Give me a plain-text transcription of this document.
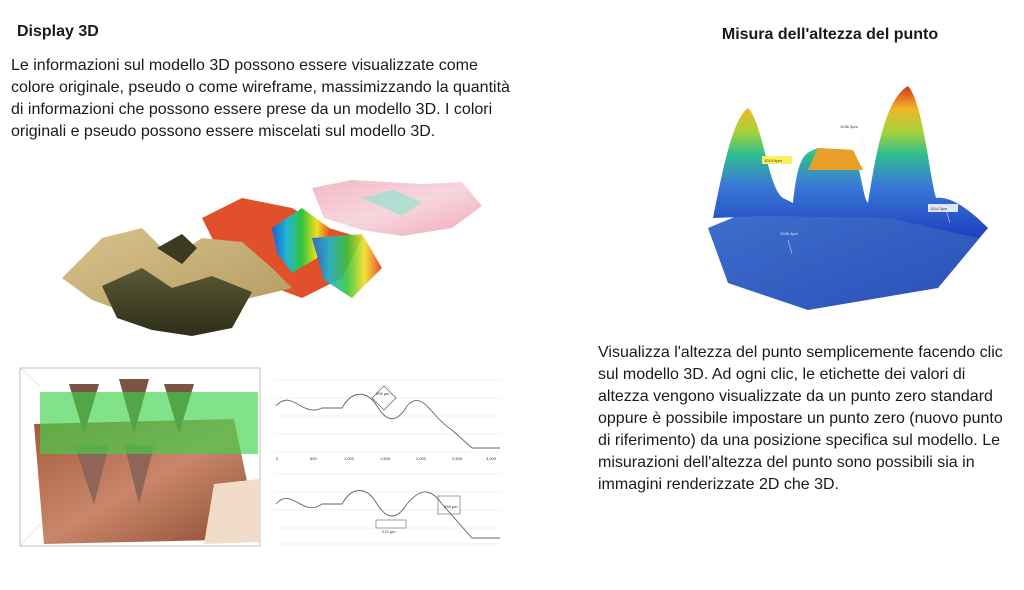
Display 3D
Le informazioni sul modello 3D possono essere visualizzate come colore originale, pseudo o come wireframe, massimizzando la quantità di informazioni che possono essere prese da un modello 3D. I colori originali e pseudo possono essere miscelati sul modello 3D.
Misura dell'altezza del punto
Visualizza l'altezza del punto semplicemente facendo clic sul modello 3D. Ad ogni clic, le etichette dei valori di altezza vengono visualizzate da un punto zero standard oppure è possibile impostare un punto zero (nuovo punto di riferimento) da una posizione specifica sul modello. Le misurazioni dell'altezza del punto sono possibili sia in immagini renderizzate 2D che 3D.
255 µm
0	500	1,000	1,500	2,000	2,500	3,000
270 µm
338 µm
1036.3µm
1019.9µm
1114.3µm
1026.4µm
